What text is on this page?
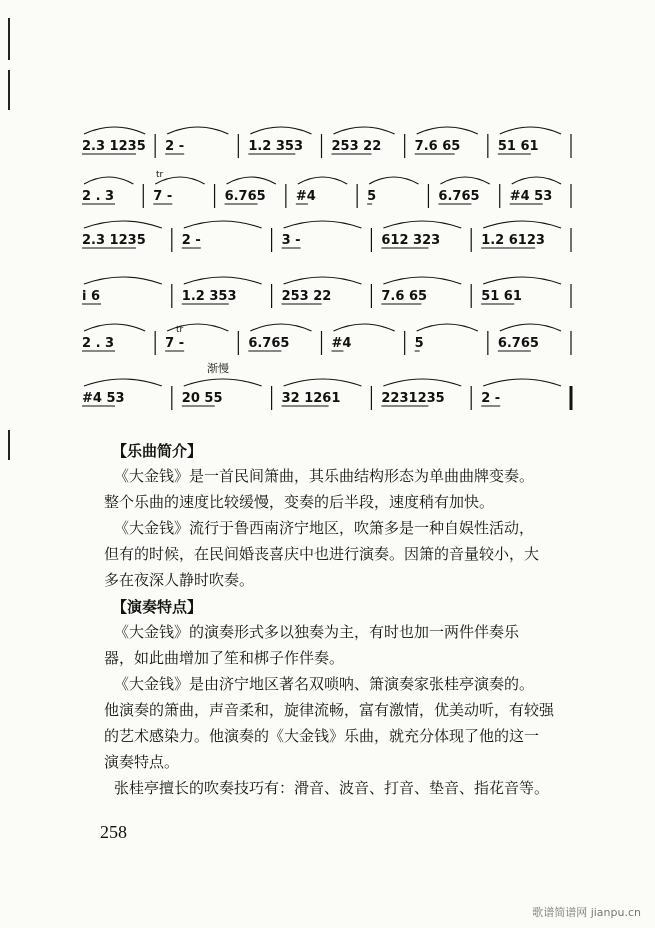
2.3 1235 2 -	1.2 353 253 22	7.6 65	51 61
2 . 3	7 -	6.765 #4	5	6.765 #4 53
2.3 1235	2 -	3 -	612 323	1.2 6123
i 6	1.2 353	253 22	7.6 65	51 61
2 . 3	7 -	6.765	#4	5	6.765
#4 53	20 55	32 1261	2231235	2 -
tr
tr
渐慢
【乐曲简介】
《大金钱》是一首民间箫曲，其乐曲结构形态为单曲曲牌变奏。
整个乐曲的速度比较缓慢，变奏的后半段，速度稍有加快。
《大金钱》流行于鲁西南济宁地区，吹箫多是一种自娱性活动，
但有的时候，在民间婚丧喜庆中也进行演奏。因箫的音量较小，大
多在夜深人静时吹奏。
【演奏特点】
《大金钱》的演奏形式多以独奏为主，有时也加一两件伴奏乐
器，如此曲增加了笙和梆子作伴奏。
《大金钱》是由济宁地区著名双唢呐、箫演奏家张桂亭演奏的。
他演奏的箫曲，声音柔和，旋律流畅，富有激情，优美动听，有较强
的艺术感染力。他演奏的《大金钱》乐曲，就充分体现了他的这一
演奏特点。
张桂亭擅长的吹奏技巧有：滑音、波音、打音、垫音、指花音等。
258
歌谱简谱网 jianpu.cn
